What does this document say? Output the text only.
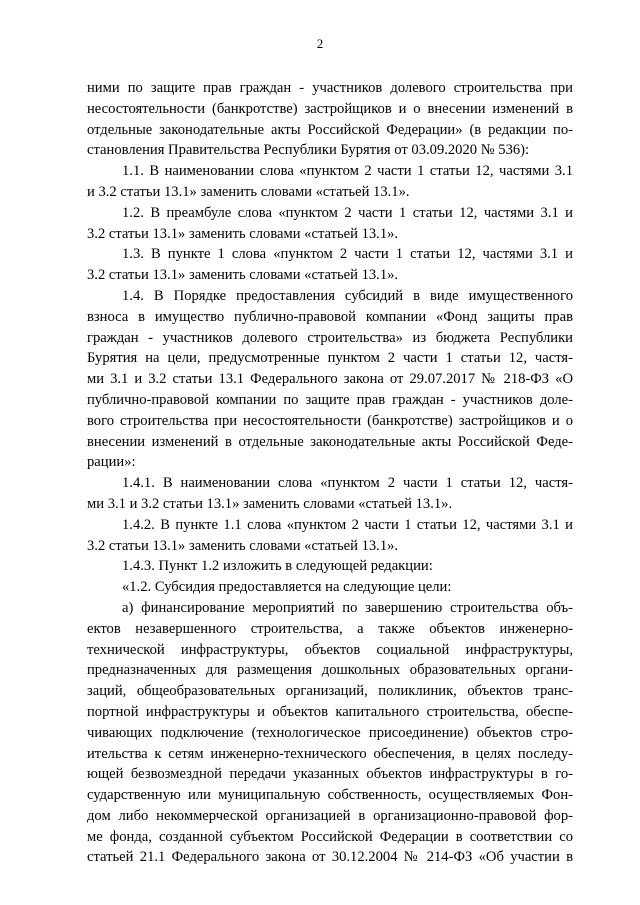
2
ними по защите прав граждан - участников долевого строительства при
несостоятельности (банкротстве) застройщиков и о внесении изменений в
отдельные законодательные акты Российской Федерации» (в редакции по-
становления Правительства Республики Бурятия от 03.09.2020 № 536):
1.1. В наименовании слова «пунктом 2 части 1 статьи 12, частями 3.1
и 3.2 статьи 13.1» заменить словами «статьей 13.1».
1.2. В преамбуле слова «пунктом 2 части 1 статьи 12, частями 3.1 и
3.2 статьи 13.1» заменить словами «статьей 13.1».
1.3. В пункте 1 слова «пунктом 2 части 1 статьи 12, частями 3.1 и
3.2 статьи 13.1» заменить словами «статьей 13.1».
1.4. В Порядке предоставления субсидий в виде имущественного
взноса в имущество публично-правовой компании «Фонд защиты прав
граждан - участников долевого строительства» из бюджета Республики
Бурятия на цели, предусмотренные пунктом 2 части 1 статьи 12, частя-
ми 3.1 и 3.2 статьи 13.1 Федерального закона от 29.07.2017 № 218-ФЗ «О
публично-правовой компании по защите прав граждан - участников доле-
вого строительства при несостоятельности (банкротстве) застройщиков и о
внесении изменений в отдельные законодательные акты Российской Феде-
рации»:
1.4.1. В наименовании слова «пунктом 2 части 1 статьи 12, частя-
ми 3.1 и 3.2 статьи 13.1» заменить словами «статьей 13.1».
1.4.2. В пункте 1.1 слова «пунктом 2 части 1 статьи 12, частями 3.1 и
3.2 статьи 13.1» заменить словами «статьей 13.1».
1.4.3. Пункт 1.2 изложить в следующей редакции:
«1.2. Субсидия предоставляется на следующие цели:
а) финансирование мероприятий по завершению строительства объ-
ектов незавершенного строительства, а также объектов инженерно-
технической инфраструктуры, объектов социальной инфраструктуры,
предназначенных для размещения дошкольных образовательных органи-
заций, общеобразовательных организаций, поликлиник, объектов транс-
портной инфраструктуры и объектов капитального строительства, обеспе-
чивающих подключение (технологическое присоединение) объектов стро-
ительства к сетям инженерно-технического обеспечения, в целях последу-
ющей безвозмездной передачи указанных объектов инфраструктуры в го-
сударственную или муниципальную собственность, осуществляемых Фон-
дом либо некоммерческой организацией в организационно-правовой фор-
ме фонда, созданной субъектом Российской Федерации в соответствии со
статьей 21.1 Федерального закона от 30.12.2004 № 214-ФЗ «Об участии в
